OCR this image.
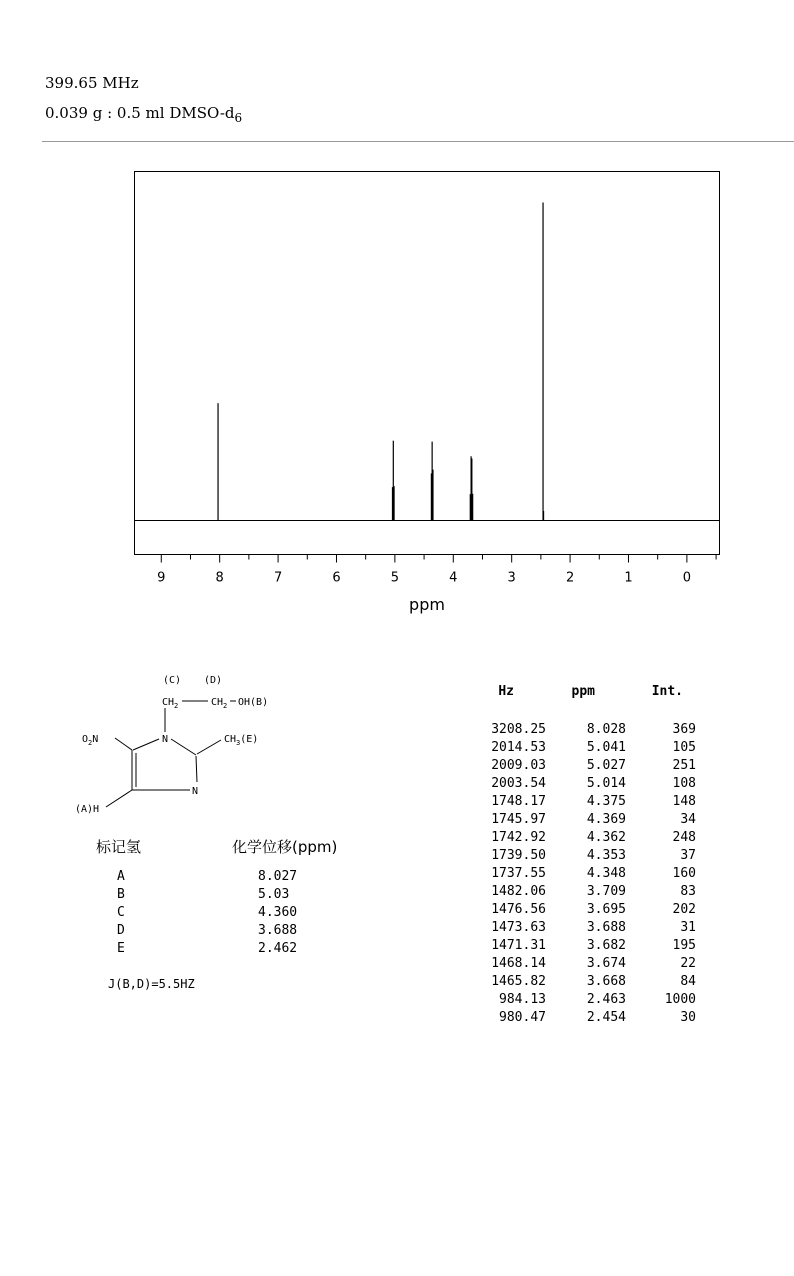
399.65 MHz
0.039 g : 0.5 ml DMSO-$d_6$
9	8	7	6	5	4	3	2	1	0
ppm
(C) (D)
$CH_2$	$CH_2$ OH(B)
$O_2N$	N	$CH_3(E)$
N
(A)H
标记氢	化学位移(ppm)
A	8.027
B	5.03
C	4.360
D	3.688
E	2.462
J(B,D)=5.5HZ
Hz	ppm	Int.
3208.25	8.028	369
2014.53	5.041	105
2009.03	5.027	251
2003.54	5.014	108
1748.17	4.375	148
1745.97	4.369	34
1742.92	4.362	248
1739.50	4.353	37
1737.55	4.348	160
1482.06	3.709	83
1476.56	3.695	202
1473.63	3.688	31
1471.31	3.682	195
1468.14	3.674	22
1465.82	3.668	84
984.13	2.463	1000
980.47	2.454	30
